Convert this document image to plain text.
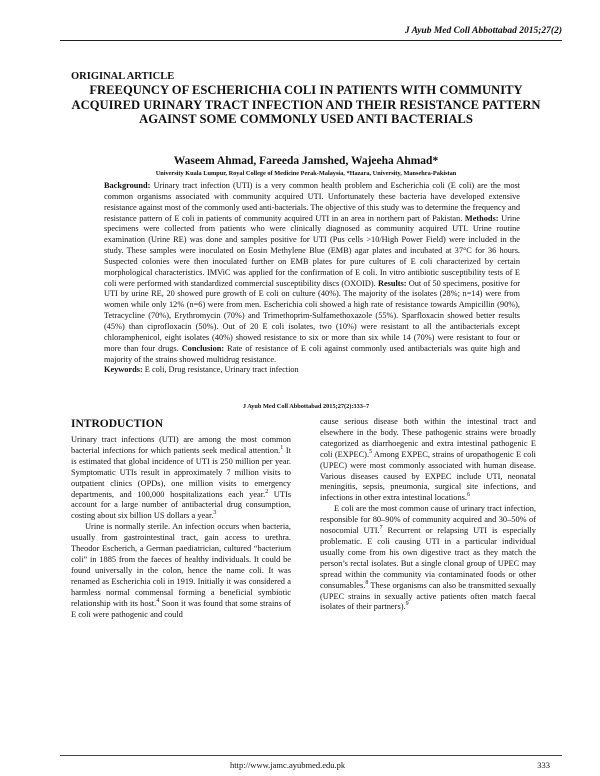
J Ayub Med Coll Abbottabad 2015;27(2)
ORIGINAL ARTICLE
FREEQUNCY OF ESCHERICHIA COLI IN PATIENTS WITH COMMUNITY ACQUIRED URINARY TRACT INFECTION AND THEIR RESISTANCE PATTERN AGAINST SOME COMMONLY USED ANTI BACTERIALS
Waseem Ahmad, Fareeda Jamshed, Wajeeha Ahmad*
University Kuala Lumpur, Royal College of Medicine Perak-Malaysia, *Hazara, University, Mansehra-Pakistan
Background: Urinary tract infection (UTI) is a very common health problem and Escherichia coli (E coli) are the most common organisms associated with community acquired UTI. Unfortunately these bacteria have developed extensive resistance against most of the commonly used anti-bacterials. The objective of this study was to determine the frequency and resistance pattern of E coli in patients of community acquired UTI in an area in northern part of Pakistan. Methods: Urine specimens were collected from patients who were clinically diagnosed as community acquired UTI. Urine routine examination (Urine RE) was done and samples positive for UTI (Pus cells >10/High Power Field) were included in the study. These samples were inoculated on Eosin Methylene Blue (EMB) agar plates and incubated at 37°C for 36 hours. Suspected colonies were then inoculated further on EMB plates for pure cultures of E coli characterized by certain morphological characteristics. IMViC was applied for the confirmation of E coli. In vitro antibiotic susceptibility tests of E coli were performed with standardized commercial susceptibility discs (OXOID). Results: Out of 50 specimens, positive for UTI by urine RE, 20 showed pure growth of E coli on culture (40%). The majority of the isolates (28%; n=14) were from women while only 12% (n=6) were from men. Escherichia coli showed a high rate of resistance towards Ampicillin (90%), Tetracycline (70%), Erythromycin (70%) and Trimethoprim-Sulfamethoxazole (55%). Sparfloxacin showed better results (45%) than ciprofloxacin (50%). Out of 20 E coli isolates, two (10%) were resistant to all the antibacterials except chloramphenicol, eight isolates (40%) showed resistance to six or more than six while 14 (70%) were resistant to four or more than four drugs. Conclusion: Rate of resistance of E coli against commonly used antibacterials was quite high and majority of the strains showed multidrug resistance.
Keywords: E coli, Drug resistance, Urinary tract infection
J Ayub Med Coll Abbottabad 2015;27(2):333–7
INTRODUCTION

Urinary tract infections (UTI) are among the most common bacterial infections for which patients seek medical attention.$^1$ It is estimated that global incidence of UTI is 250 million per year. Symptomatic UTIs result in approximately 7 million visits to outpatient clinics (OPDs), one million visits to emergency departments, and 100,000 hospitalizations each year.$^2$ UTIs account for a large number of antibacterial drug consumption, costing about six billion US dollars a year.$^3$

Urine is normally sterile. An infection occurs when bacteria, usually from gastrointestinal tract, gain access to urethra. Theodor Escherich, a German paediatrician, cultured “bacterium coli” in 1885 from the faeces of healthy individuals. It could be found universally in the colon, hence the name coli. It was renamed as Escherichia coli in 1919. Initially it was considered a harmless normal commensal forming a beneficial symbiotic relationship with its host.$^4$ Soon it was found that some strains of E coli were pathogenic and could

cause serious disease both within the intestinal tract and elsewhere in the body. These pathogenic strains were broadly categorized as diarrhoegenic and extra intestinal pathogenic E coli (EXPEC).$^5$ Among EXPEC, strains of uropathogenic E coli (UPEC) were most commonly associated with human disease. Various diseases caused by EXPEC include UTI, neonatal meningitis, sepsis, pneumonia, surgical site infections, and infections in other extra intestinal locations.$^6$

E coli are the most common cause of urinary tract infection, responsible for 80–90% of community acquired and 30–50% of nosocomial UTI.$^7$ Recurrent or relapsing UTI is especially problematic. E coli causing UTI in a particular individual usually come from his own digestive tract as they match the person’s rectal isolates. But a single clonal group of UPEC may spread within the community via contaminated foods or other consumables.$^8$ These organisms can also be transmitted sexually (UPEC strains in sexually active patients often match faecal isolates of their partners).$^9$

http://www.jamc.ayubmed.edu.pk	333
